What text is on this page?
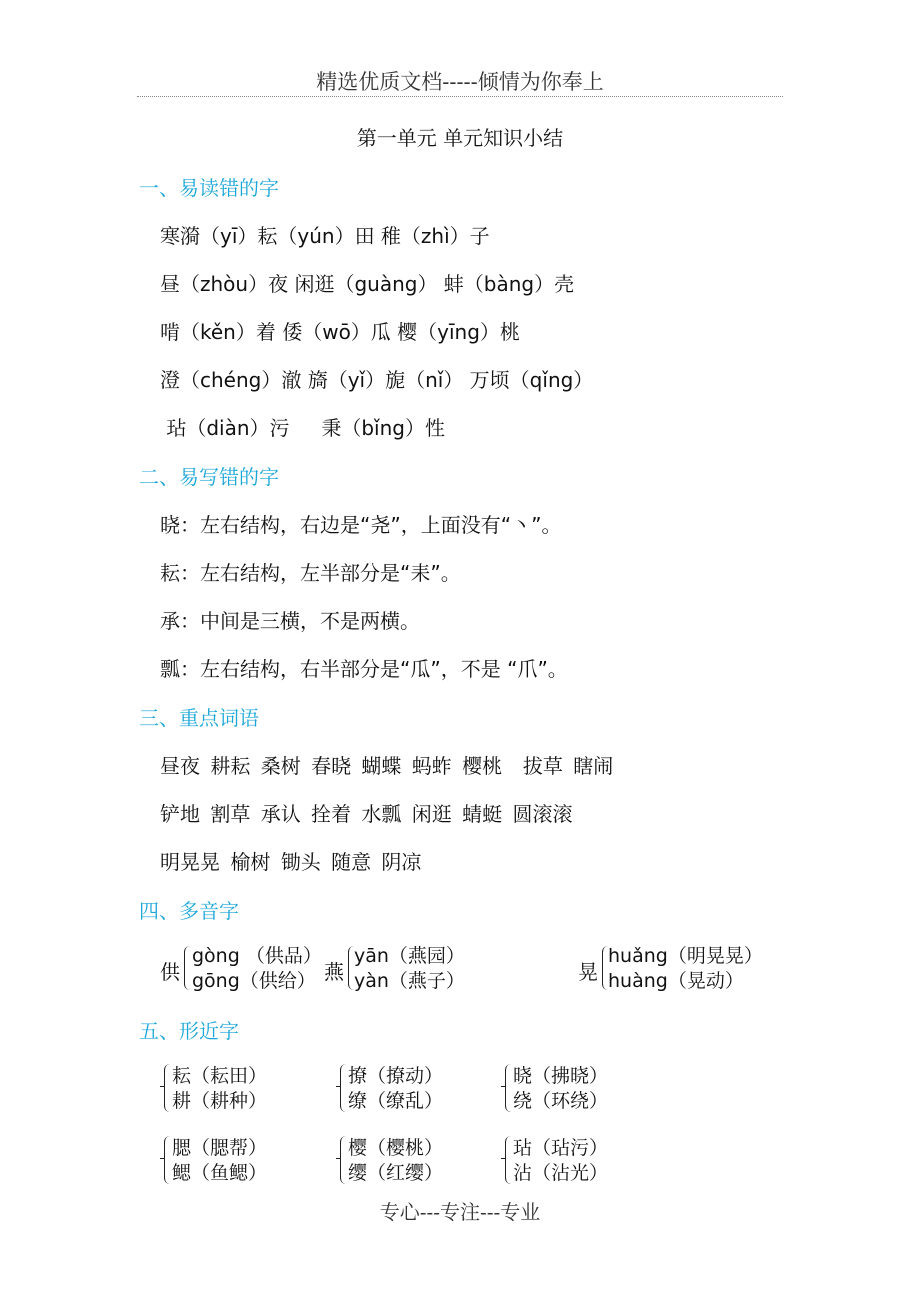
精选优质文档-----倾情为你奉上
第一单元 单元知识小结
一、易读错的字
寒漪（yī）耘（yún）田 稚（zhì）子
昼（zhòu）夜 闲逛（guàng） 蚌（bàng）壳
啃（kěn）着 倭（wō）瓜 樱（yīng）桃
澄（chéng）澈 旖（yǐ）旎（nǐ） 万顷（qǐng）
玷（diàn）污     秉（bǐng）性
二、易写错的字
晓：左右结构，右边是“尧”，上面没有“丶”。
耘：左右结构，左半部分是“耒”。
承：中间是三横，不是两横。
瓢：左右结构，右半部分是“瓜”，不是 “爪”。
三、重点词语
昼夜 耕耘 桑树 春晓 蝴蝶 蚂蚱 樱桃  拔草 瞎闹
铲地 割草 承认 拴着 水瓢 闲逛 蜻蜓 圆滚滚
明晃晃 榆树 锄头 随意 阴凉
四、多音字
供
gòng （供品）
gōng（供给） 燕
yān（燕园）
yàn（燕子）	晃
huǎng（明晃晃）
huàng（晃动）
五、形近字
耘（耘田）
耕（耕种）
撩（撩动）
缭（缭乱）
晓（拂晓）
绕（环绕）
腮（腮帮）
鳃（鱼鳃）
樱（樱桃）
缨（红缨）
玷（玷污）
沾（沾光）
专心---专注---专业
